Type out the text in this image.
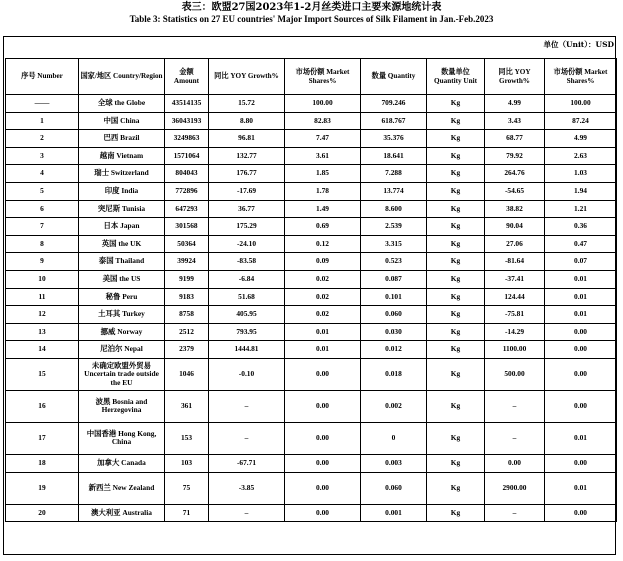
表三：欧盟27国2023年1-2月丝类进口主要来源地统计表
Table 3: Statistics on 27 EU countries' Major Import Sources of Silk Filament in Jan.-Feb.2023
单位（Unit）：USD
序号 Number	国家/地区 Country/Region	金额 Amount	同比 YOY Growth%	市场份额 Market Shares%	数量 Quantity	数量单位 Quantity Unit	同比 YOY Growth%	市场份额 Market Shares%
——	全球 the Globe	43514135	15.72	100.00	709.246	Kg	4.99	100.00
1	中国 China	36043193	8.80	82.83	618.767	Kg	3.43	87.24
2	巴西 Brazil	3249863	96.81	7.47	35.376	Kg	68.77	4.99
3	越南 Vietnam	1571064	132.77	3.61	18.641	Kg	79.92	2.63
4	瑞士 Switzerland	804043	176.77	1.85	7.288	Kg	264.76	1.03
5	印度 India	772896	-17.69	1.78	13.774	Kg	-54.65	1.94
6	突尼斯 Tunisia	647293	36.77	1.49	8.600	Kg	38.82	1.21
7	日本 Japan	301568	175.29	0.69	2.539	Kg	90.04	0.36
8	英国 the UK	50364	-24.10	0.12	3.315	Kg	27.06	0.47
9	泰国 Thailand	39924	-83.58	0.09	0.523	Kg	-81.64	0.07
10	美国 the US	9199	-6.84	0.02	0.087	Kg	-37.41	0.01
11	秘鲁 Peru	9183	51.68	0.02	0.101	Kg	124.44	0.01
12	土耳其 Turkey	8758	405.95	0.02	0.060	Kg	-75.81	0.01
13	挪威 Norway	2512	793.95	0.01	0.030	Kg	-14.29	0.00
14	尼泊尔 Nepal	2379	1444.81	0.01	0.012	Kg	1100.00	0.00
15	未确定欧盟外贸易 Uncertain trade outside the EU	1046	-0.10	0.00	0.018	Kg	500.00	0.00
16	波黑 Bosnia and Herzegovina	361	–	0.00	0.002	Kg	–	0.00
17	中国香港 Hong Kong, China	153	–	0.00	0	Kg	–	0.01
18	加拿大 Canada	103	-67.71	0.00	0.003	Kg	0.00	0.00
19	新西兰 New Zealand	75	-3.85	0.00	0.060	Kg	2900.00	0.01
20	澳大利亚 Australia	71	–	0.00	0.001	Kg	–	0.00
